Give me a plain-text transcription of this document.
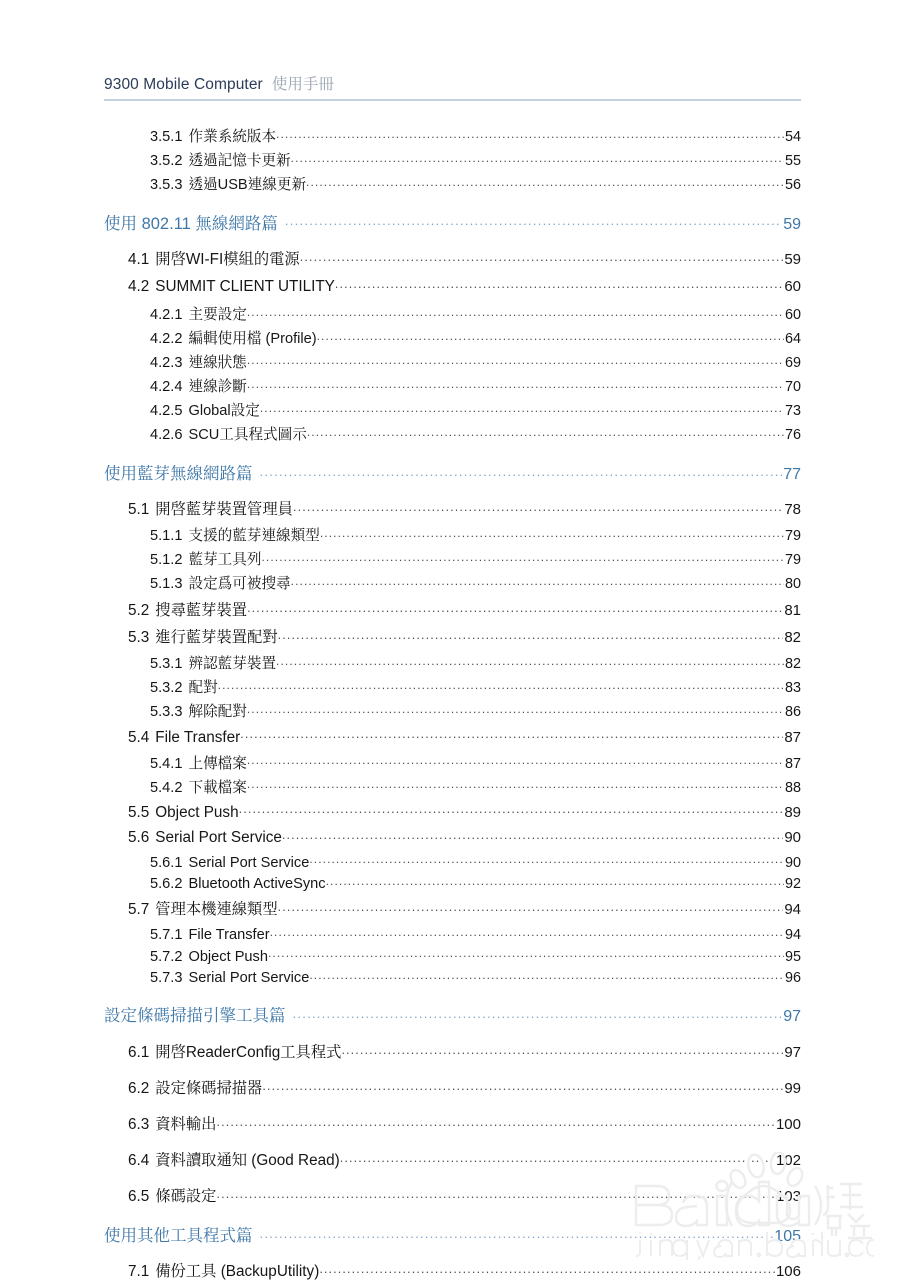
9300 Mobile Computer 使用手冊
3.5.1 作業系統版本 .....	54
3.5.2 透過記憶卡更新 .....	55
3.5.3 透過USB連線更新 .....	56
使用 802.11 無線網路篇 .....	59
4.1 開啓WI-FI模組的電源 .....	59
4.2 SUMMIT CLIENT UTILITY .....	60
4.2.1 主要設定 .....	60
4.2.2 編輯使用檔 (Profile) .....	64
4.2.3 連線狀態 .....	69
4.2.4 連線診斷 .....	70
4.2.5 Global設定 .....	73
4.2.6 SCU工具程式圖示 .....	76
使用藍芽無線網路篇 .....	77
5.1 開啓藍芽裝置管理員 .....	78
5.1.1 支援的藍芽連線類型 .....	79
5.1.2 藍芽工具列 .....	79
5.1.3 設定爲可被搜尋 .....	80
5.2 搜尋藍芽裝置 .....	81
5.3 進行藍芽裝置配對 .....	82
5.3.1 辨認藍芽裝置 .....	82
5.3.2 配對 .....	83
5.3.3 解除配對 .....	86
5.4 File Transfer .....	87
5.4.1 上傳檔案 .....	87
5.4.2 下載檔案 .....	88
5.5 Object Push .....	89
5.6 Serial Port Service .....	90
5.6.1 Serial Port Service .....	90
5.6.2 Bluetooth ActiveSync .....	92
5.7 管理本機連線類型 .....	94
5.7.1 File Transfer .....	94
5.7.2 Object Push .....	95
5.7.3 Serial Port Service .....	96
設定條碼掃描引擎工具篇 .....	97
6.1 開啓ReaderConfig工具程式 .....	97
6.2 設定條碼掃描器 .....	99
6.3 資料輸出 .....	100
6.4 資料讀取通知 (Good Read) .....	102
6.5 條碼設定 .....	103
使用其他工具程式篇 .....	105
7.1 備份工具 (BackupUtility) .....	106
